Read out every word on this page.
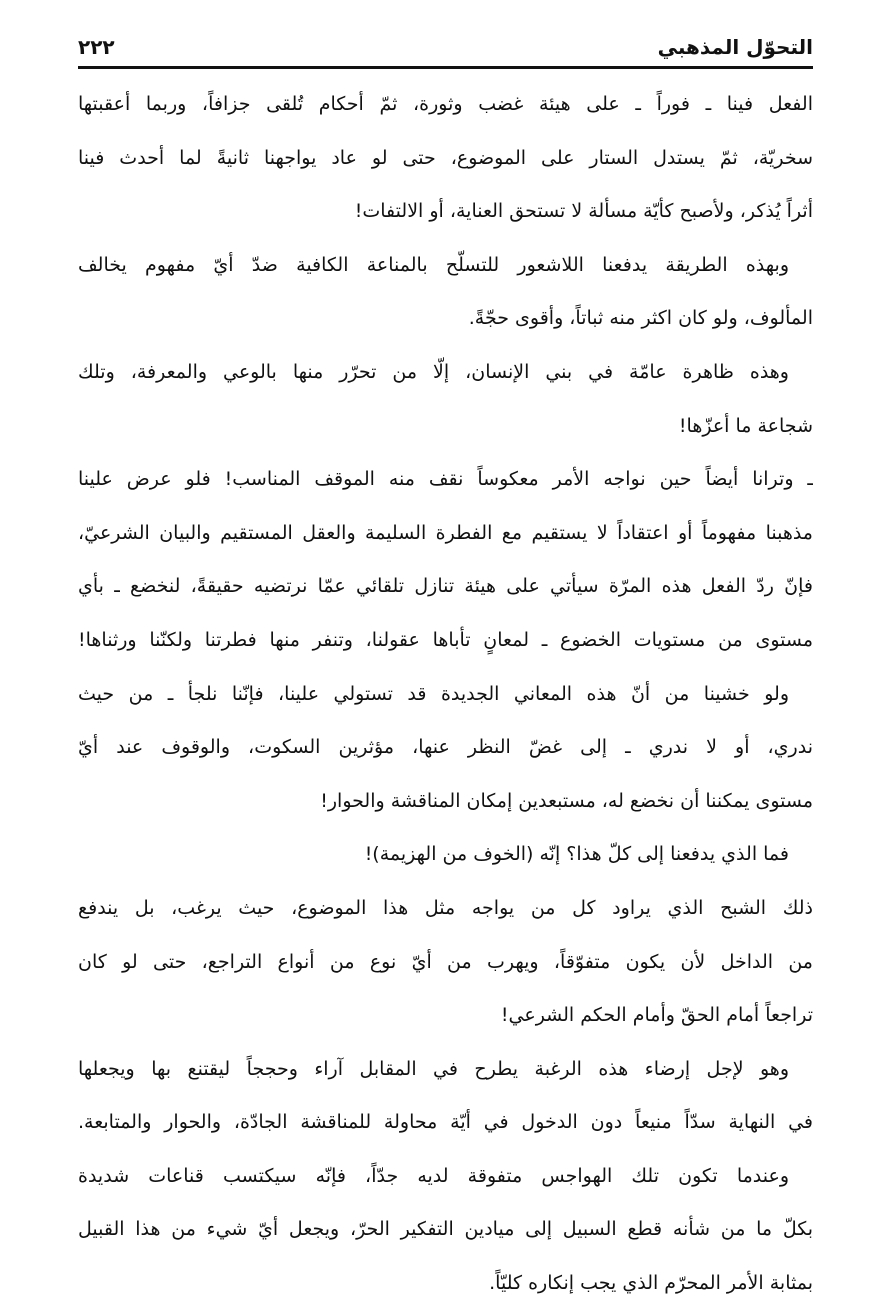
التحوّل المذهبي
٢٢٢
الفعل فينا ـ فوراً ـ على هيئة غضب وثورة، ثمّ أحكام تُلقى جزافاً، وربما أعقبتها
سخريّة، ثمّ يستدل الستار على الموضوع، حتى لو عاد يواجهنا ثانيةً لما أحدث فينا
أثراً يُذكر، ولأصبح كأيّة مسألة لا تستحق العناية، أو الالتفات!
وبهذه الطريقة يدفعنا اللاشعور للتسلّح بالمناعة الكافية ضدّ أيّ مفهوم يخالف
المألوف، ولو كان اكثر منه ثباتاً، وأقوى حجّةً.
وهذه ظاهرة عامّة في بني الإنسان، إلّا من تحرّر منها بالوعي والمعرفة، وتلك
شجاعة ما أعزّها!
ـ وترانا أيضاً حين نواجه الأمر معكوساً نقف منه الموقف المناسب! فلو عرض علينا
مذهبنا مفهوماً أو اعتقاداً لا يستقيم مع الفطرة السليمة والعقل المستقيم والبيان الشرعيّ،
فإنّ ردّ الفعل هذه المرّة سيأتي على هيئة تنازل تلقائي عمّا نرتضيه حقيقةً، لنخضع ـ بأي
مستوى من مستويات الخضوع ـ لمعانٍ تأباها عقولنا، وتنفر منها فطرتنا ولكنّنا ورثناها!
ولو خشينا من أنّ هذه المعاني الجديدة قد تستولي علينا، فإنّنا نلجأ ـ من حيث
ندري، أو لا ندري ـ إلى غضّ النظر عنها، مؤثرين السكوت، والوقوف عند أيّ
مستوى يمكننا أن نخضع له، مستبعدين إمكان المناقشة والحوار!
فما الذي يدفعنا إلى كلّ هذا؟ إنّه (الخوف من الهزيمة)!
ذلك الشبح الذي يراود كل من يواجه مثل هذا الموضوع، حيث يرغب، بل يندفع
من الداخل لأن يكون متفوّقاً، ويهرب من أيّ نوع من أنواع التراجع، حتى لو كان
تراجعاً أمام الحقّ وأمام الحكم الشرعي!
وهو لإجل إرضاء هذه الرغبة يطرح في المقابل آراء وحججاً ليقتنع بها ويجعلها
في النهاية سدّاً منيعاً دون الدخول في أيّة محاولة للمناقشة الجادّة، والحوار والمتابعة.
وعندما تكون تلك الهواجس متفوقة لديه جدّاً، فإنّه سيكتسب قناعات شديدة
بكلّ ما من شأنه قطع السبيل إلى ميادين التفكير الحرّ، ويجعل أيّ شيء من هذا القبيل
بمثابة الأمر المحرّم الذي يجب إنكاره كليّاً.
